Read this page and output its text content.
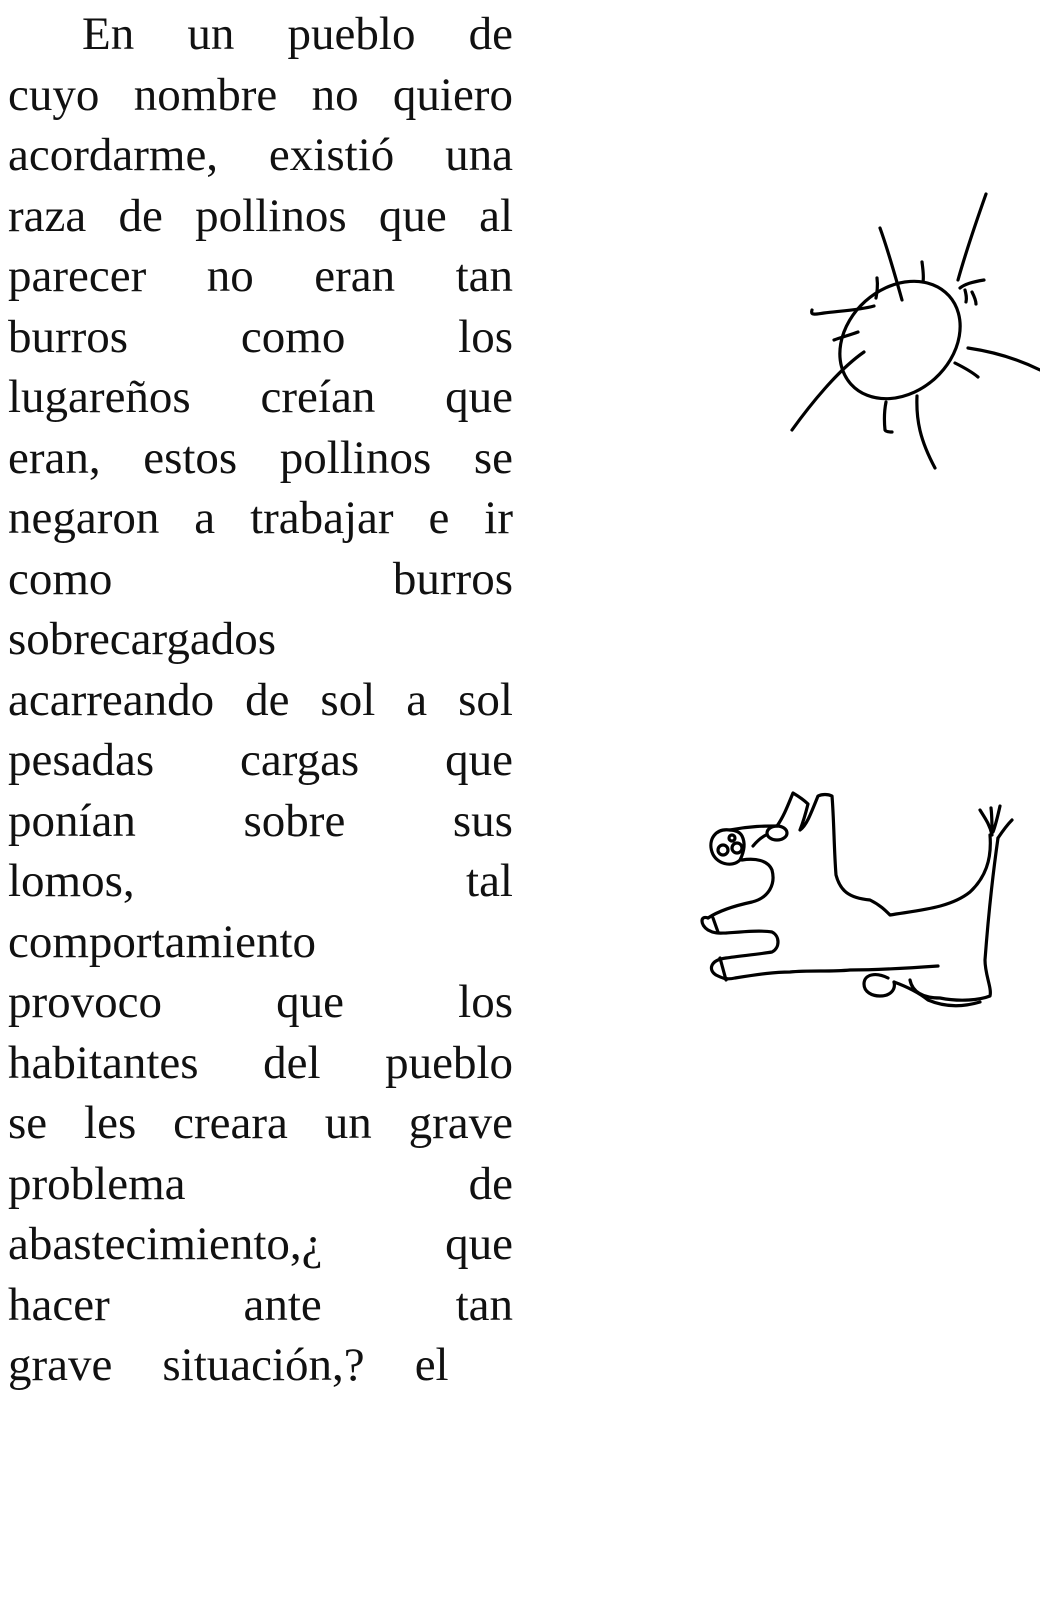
En un pueblo de
cuyo nombre no quiero
acordarme, existió una
raza de pollinos que al
parecer no eran tan
burros como los
lugareños creían que
eran, estos pollinos se
negaron a trabajar e ir
como	burros
sobrecargados
acarreando de sol a sol
pesadas cargas que
ponían sobre sus
lomos,	tal
comportamiento
provoco que los
habitantes del pueblo
se les creara un grave
problema	de
abastecimiento,¿	que
hacer	ante	tan
grave situación,? el
